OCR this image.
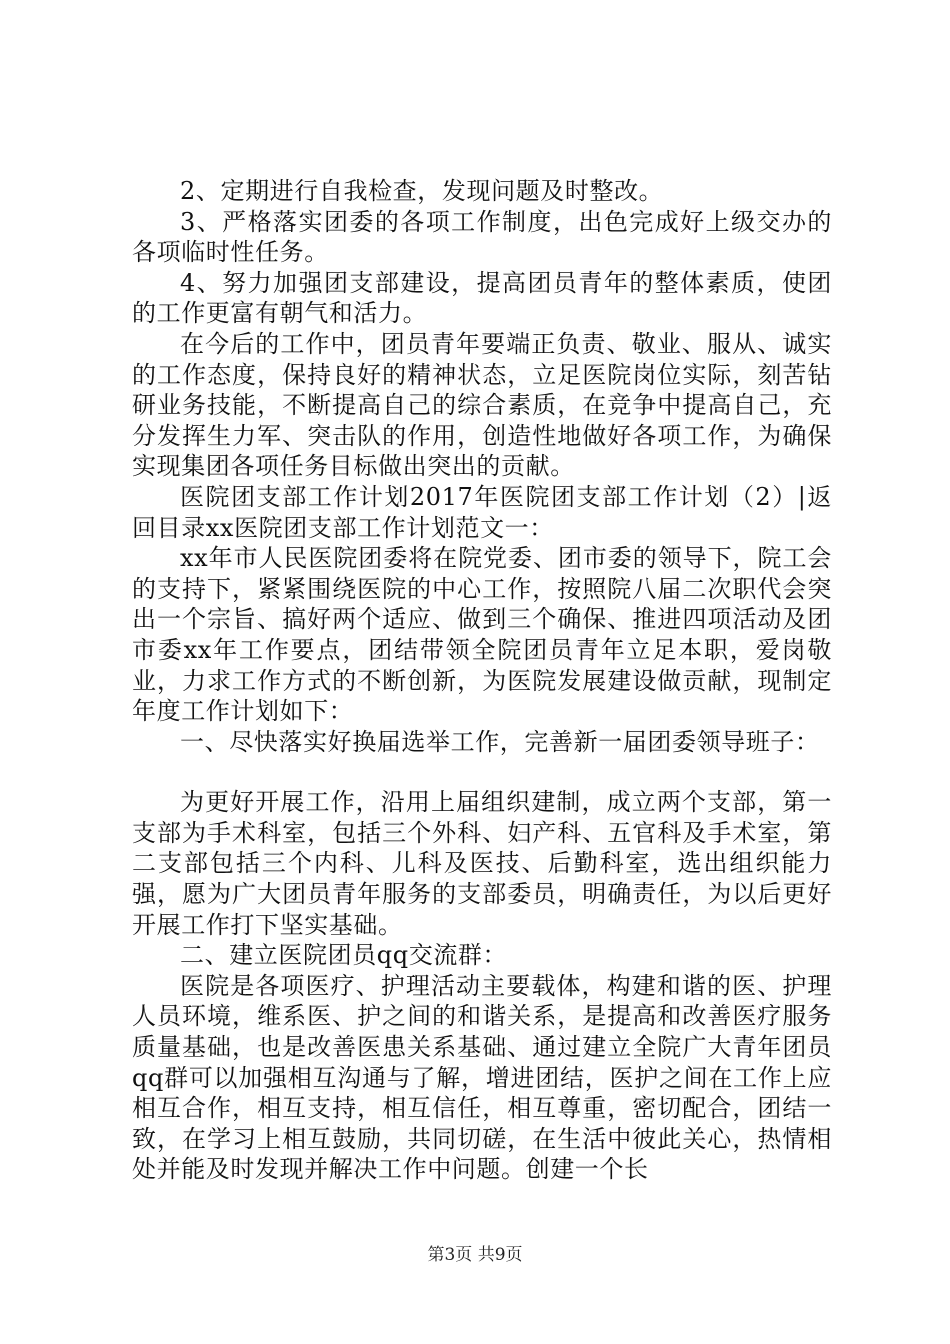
2、定期进行自我检查，发现问题及时整改。

3、严格落实团委的各项工作制度，出色完成好上级交办的各项临时性任务。

4、努力加强团支部建设，提高团员青年的整体素质，使团的工作更富有朝气和活力。

在今后的工作中，团员青年要端正负责、敬业、服从、诚实的工作态度，保持良好的精神状态，立足医院岗位实际，刻苦钻研业务技能，不断提高自己的综合素质，在竞争中提高自己，充分发挥生力军、突击队的作用，创造性地做好各项工作，为确保实现集团各项任务目标做出突出的贡献。

医院团支部工作计划2017年医院团支部工作计划（2）|返回目录xx医院团支部工作计划范文一：

xx年市人民医院团委将在院党委、团市委的领导下，院工会的支持下，紧紧围绕医院的中心工作，按照院八届二次职代会突出一个宗旨、搞好两个适应、做到三个确保、推进四项活动及团市委xx年工作要点，团结带领全院团员青年立足本职，爱岗敬业，力求工作方式的不断创新，为医院发展建设做贡献，现制定年度工作计划如下：

一、尽快落实好换届选举工作，完善新一届团委领导班子：

为更好开展工作，沿用上届组织建制，成立两个支部，第一支部为手术科室，包括三个外科、妇产科、五官科及手术室，第二支部包括三个内科、儿科及医技、后勤科室，选出组织能力强，愿为广大团员青年服务的支部委员，明确责任，为以后更好开展工作打下坚实基础。

二、建立医院团员qq交流群：

医院是各项医疗、护理活动主要载体，构建和谐的医、护理人员环境，维系医、护之间的和谐关系，是提高和改善医疗服务质量基础，也是改善医患关系基础、通过建立全院广大青年团员qq群可以加强相互沟通与了解，增进团结，医护之间在工作上应相互合作，相互支持，相互信任，相互尊重，密切配合，团结一致，在学习上相互鼓励，共同切磋，在生活中彼此关心，热情相处并能及时发现并解决工作中问题。创建一个长

第3页 共9页
